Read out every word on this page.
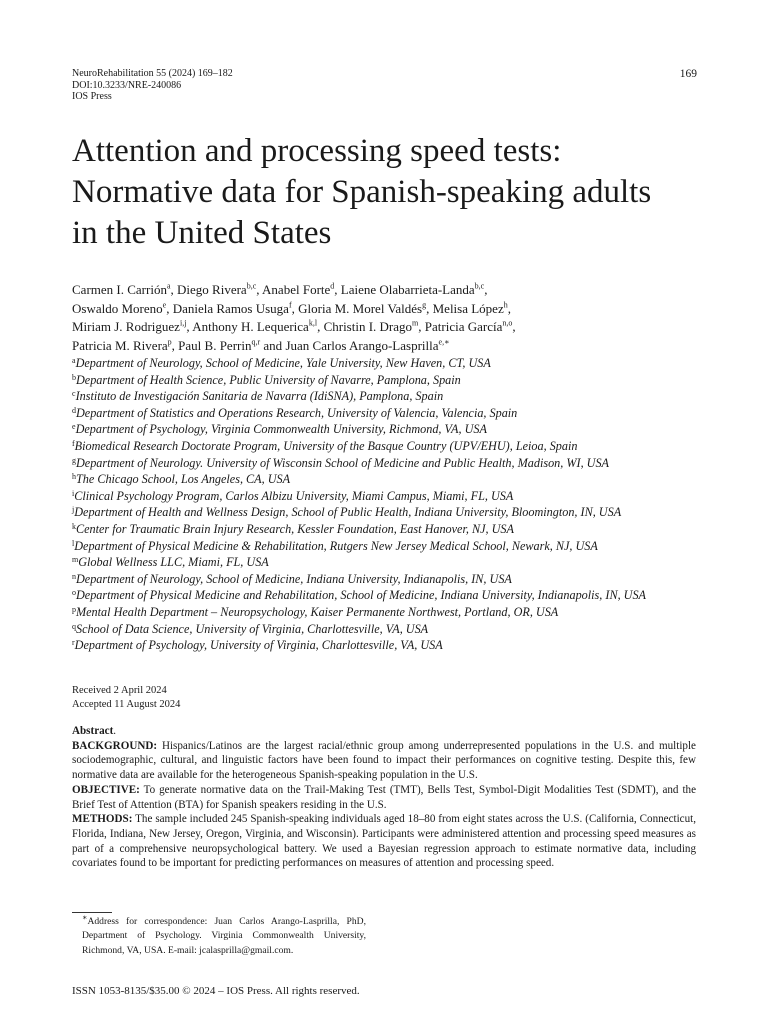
NeuroRehabilitation 55 (2024) 169–182
DOI:10.3233/NRE-240086
IOS Press
169
Attention and processing speed tests:
Normative data for Spanish-speaking adults
in the United States
Carmen I. Carrión$^a$, Diego Rivera$^{b,c}$, Anabel Forte$^d$, Laiene Olabarrieta-Landa$^{b,c}$,
Oswaldo Moreno$^e$, Daniela Ramos Usuga$^f$, Gloria M. Morel Valdés$^g$, Melisa López$^h$,
Miriam J. Rodriguez$^{i,j}$, Anthony H. Lequerica$^{k,l}$, Christin I. Drago$^m$, Patricia García$^{n,o}$,
Patricia M. Rivera$^p$, Paul B. Perrin$^{q,r}$ and Juan Carlos Arango-Lasprilla$^{e,∗}$
$^a$Department of Neurology, School of Medicine, Yale University, New Haven, CT, USA
$^b$Department of Health Science, Public University of Navarre, Pamplona, Spain
$^c$Instituto de Investigación Sanitaria de Navarra (IdiSNA), Pamplona, Spain
$^d$Department of Statistics and Operations Research, University of Valencia, Valencia, Spain
$^e$Department of Psychology, Virginia Commonwealth University, Richmond, VA, USA
$^f$Biomedical Research Doctorate Program, University of the Basque Country (UPV/EHU), Leioa, Spain
$^g$Department of Neurology. University of Wisconsin School of Medicine and Public Health, Madison, WI, USA
$^h$The Chicago School, Los Angeles, CA, USA
$^i$Clinical Psychology Program, Carlos Albizu University, Miami Campus, Miami, FL, USA
$^j$Department of Health and Wellness Design, School of Public Health, Indiana University, Bloomington, IN, USA
$^k$Center for Traumatic Brain Injury Research, Kessler Foundation, East Hanover, NJ, USA
$^l$Department of Physical Medicine & Rehabilitation, Rutgers New Jersey Medical School, Newark, NJ, USA
$^m$Global Wellness LLC, Miami, FL, USA
$^n$Department of Neurology, School of Medicine, Indiana University, Indianapolis, IN, USA
$^o$Department of Physical Medicine and Rehabilitation, School of Medicine, Indiana University, Indianapolis, IN, USA
$^p$Mental Health Department – Neuropsychology, Kaiser Permanente Northwest, Portland, OR, USA
$^q$School of Data Science, University of Virginia, Charlottesville, VA, USA
$^r$Department of Psychology, University of Virginia, Charlottesville, VA, USA
Received 2 April 2024
Accepted 11 August 2024

Abstract.

BACKGROUND: Hispanics/Latinos are the largest racial/ethnic group among underrepresented populations in the U.S. and multiple sociodemographic, cultural, and linguistic factors have been found to impact their performances on cognitive testing. Despite this, few normative data are available for the heterogeneous Spanish-speaking population in the U.S.

OBJECTIVE: To generate normative data on the Trail-Making Test (TMT), Bells Test, Symbol-Digit Modalities Test (SDMT), and the Brief Test of Attention (BTA) for Spanish speakers residing in the U.S.

METHODS: The sample included 245 Spanish-speaking individuals aged 18–80 from eight states across the U.S. (California, Connecticut, Florida, Indiana, New Jersey, Oregon, Virginia, and Wisconsin). Participants were administered attention and processing speed measures as part of a comprehensive neuropsychological battery. We used a Bayesian regression approach to estimate normative data, including covariates found to be important for predicting performances on measures of attention and processing speed.

∗Address for correspondence: Juan Carlos Arango-Lasprilla, PhD, Department of Psychology. Virginia Commonwealth University, Richmond, VA, USA. E-mail: jcalasprilla@gmail.com.
ISSN 1053-8135/$35.00 © 2024 – IOS Press. All rights reserved.
